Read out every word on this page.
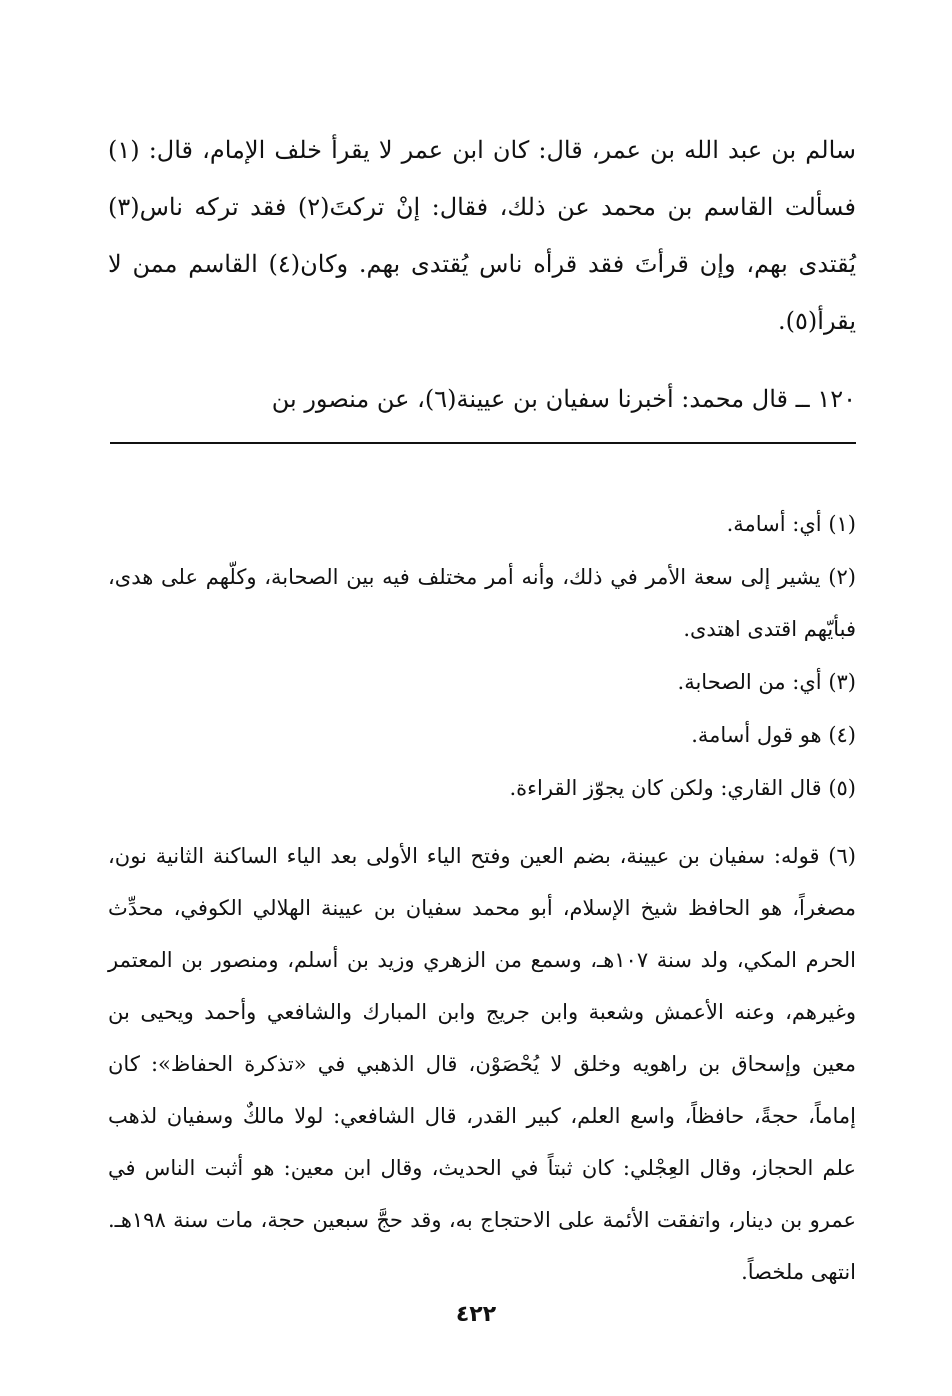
سالم بن عبد الله بن عمر، قال: كان ابن عمر لا يقرأ خلف الإمام، قال: (١) فسألت القاسم بن محمد عن ذلك، فقال: إنْ تركتَ(٢) فقد تركه ناس(٣) يُقتدى بهم، وإن قرأتَ فقد قرأه ناس يُقتدى بهم. وكان(٤) القاسم ممن لا يقرأ(٥).

١٢٠ ــ قال محمد: أخبرنا سفيان بن عيينة(٦)، عن منصور بن

(١) أي: أسامة.

(٢) يشير إلى سعة الأمر في ذلك، وأنه أمر مختلف فيه بين الصحابة، وكلّهم على هدى، فبأيّهم اقتدى اهتدى.

(٣) أي: من الصحابة.

(٤) هو قول أسامة.

(٥) قال القاري: ولكن كان يجوّز القراءة.

(٦) قوله: سفيان بن عيينة، بضم العين وفتح الياء الأولى بعد الياء الساكنة الثانية نون، مصغراً، هو الحافظ شيخ الإسلام، أبو محمد سفيان بن عيينة الهلالي الكوفي، محدِّث الحرم المكي، ولد سنة ١٠٧هـ، وسمع من الزهري وزيد بن أسلم، ومنصور بن المعتمر وغيرهم، وعنه الأعمش وشعبة وابن جريج وابن المبارك والشافعي وأحمد ويحيى بن معين وإسحاق بن راهويه وخلق لا يُحْصَوْن، قال الذهبي في «تذكرة الحفاظ»: كان إماماً، حجةً، حافظاً، واسع العلم، كبير القدر، قال الشافعي: لولا مالكٌ وسفيان لذهب علم الحجاز، وقال العِجْلي: كان ثبتاً في الحديث، وقال ابن معين: هو أثبت الناس في عمرو بن دينار، واتفقت الأئمة على الاحتجاج به، وقد حجَّ سبعين حجة، مات سنة ١٩٨هـ. انتهى ملخصاً.

٤٢٢
